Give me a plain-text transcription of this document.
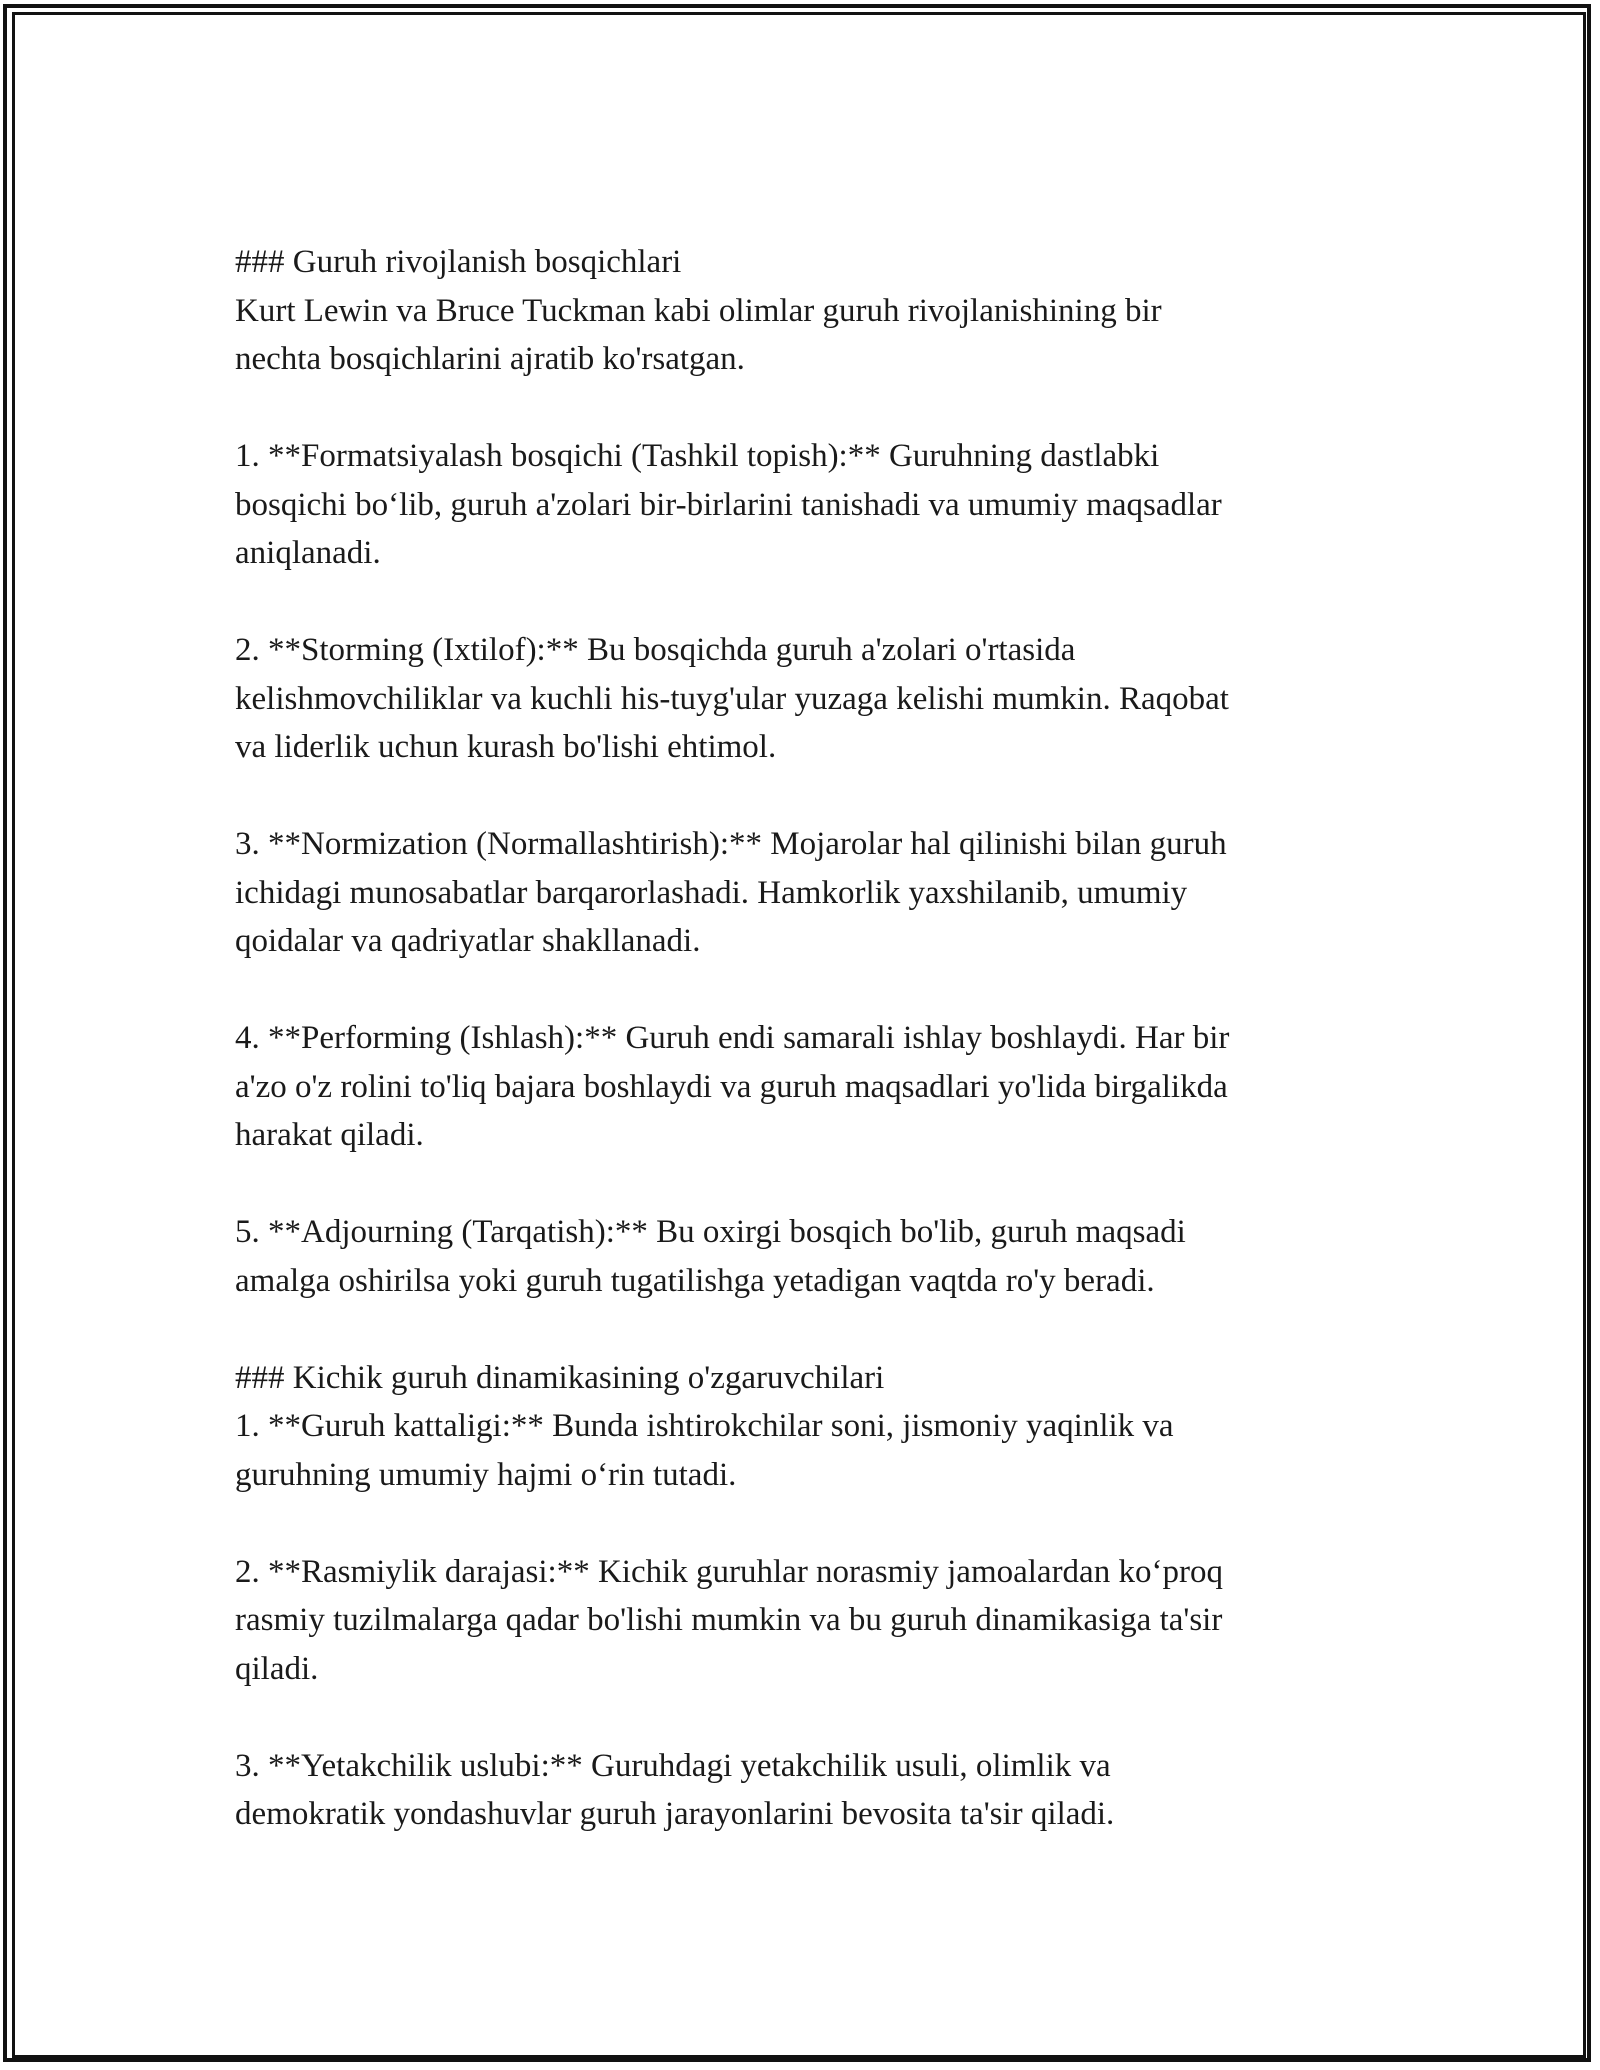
### Guruh rivojlanish bosqichlari
Kurt Lewin va Bruce Tuckman kabi olimlar guruh rivojlanishining bir
nechta bosqichlarini ajratib ko'rsatgan.
1. **Formatsiyalash bosqichi (Tashkil topish):** Guruhning dastlabki
bosqichi bo‘lib, guruh a'zolari bir-birlarini tanishadi va umumiy maqsadlar
aniqlanadi.
2. **Storming (Ixtilof):** Bu bosqichda guruh a'zolari o'rtasida
kelishmovchiliklar va kuchli his-tuyg'ular yuzaga kelishi mumkin. Raqobat
va liderlik uchun kurash bo'lishi ehtimol.
3. **Normization (Normallashtirish):** Mojarolar hal qilinishi bilan guruh
ichidagi munosabatlar barqarorlashadi. Hamkorlik yaxshilanib, umumiy
qoidalar va qadriyatlar shakllanadi.
4. **Performing (Ishlash):** Guruh endi samarali ishlay boshlaydi. Har bir
a'zo o'z rolini to'liq bajara boshlaydi va guruh maqsadlari yo'lida birgalikda
harakat qiladi.
5. **Adjourning (Tarqatish):** Bu oxirgi bosqich bo'lib, guruh maqsadi
amalga oshirilsa yoki guruh tugatilishga yetadigan vaqtda ro'y beradi.
### Kichik guruh dinamikasining o'zgaruvchilari
1. **Guruh kattaligi:** Bunda ishtirokchilar soni, jismoniy yaqinlik va
guruhning umumiy hajmi o‘rin tutadi.
2. **Rasmiylik darajasi:** Kichik guruhlar norasmiy jamoalardan ko‘proq
rasmiy tuzilmalarga qadar bo'lishi mumkin va bu guruh dinamikasiga ta'sir
qiladi.
3. **Yetakchilik uslubi:** Guruhdagi yetakchilik usuli, olimlik va
demokratik yondashuvlar guruh jarayonlarini bevosita ta'sir qiladi.
